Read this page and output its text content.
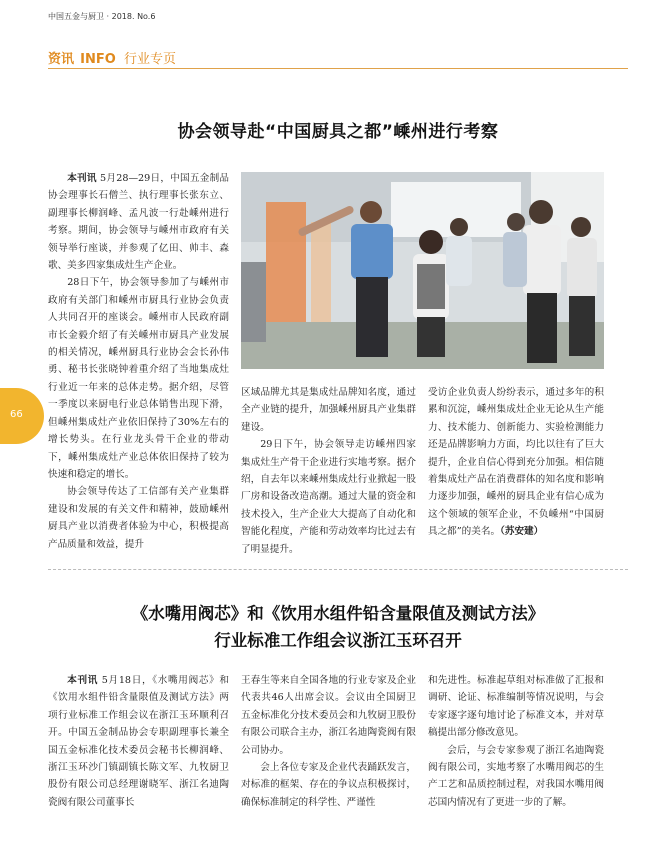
中国五金与厨卫 · 2018. No.6
资讯 INFO 行业专页
协会领导赴“中国厨具之都”嵊州进行考察

本刊讯 5月28—29日，中国五金制品协会理事长石僧兰、执行理事长张东立、副理事长柳润峰、孟凡波一行赴嵊州进行考察。期间，协会领导与嵊州市政府有关领导举行座谈，并参观了亿田、帅丰、森歌、美多四家集成灶生产企业。

28日下午，协会领导参加了与嵊州市政府有关部门和嵊州市厨具行业协会负责人共同召开的座谈会。嵊州市人民政府副市长金毅介绍了有关嵊州市厨具产业发展的相关情况，嵊州厨具行业协会会长孙伟勇、秘书长张晓钟着重介绍了当地集成灶行业近一年来的总体走势。据介绍，尽管一季度以来厨电行业总体销售出现下滑，但嵊州集成灶产业依旧保持了30%左右的增长势头。在行业龙头骨干企业的带动下，嵊州集成灶产业总体依旧保持了较为快速和稳定的增长。

协会领导传达了工信部有关产业集群建设和发展的有关文件和精神，鼓励嵊州厨具产业以消费者体验为中心，积极提高产品质量和效益，提升

区域品牌尤其是集成灶品牌知名度，通过全产业链的提升，加强嵊州厨具产业集群建设。

29日下午，协会领导走访嵊州四家集成灶生产骨干企业进行实地考察。据介绍，自去年以来嵊州集成灶行业掀起一股厂房和设备改造高潮。通过大量的资金和技术投入，生产企业大大提高了自动化和智能化程度，产能和劳动效率均比过去有了明显提升。

受访企业负责人纷纷表示，通过多年的积累和沉淀，嵊州集成灶企业无论从生产能力、技术能力、创新能力、实验检测能力还是品牌影响力方面，均比以往有了巨大提升，企业自信心得到充分加强。相信随着集成灶产品在消费群体的知名度和影响力逐步加强，嵊州的厨具企业有信心成为这个领域的领军企业，不负嵊州“中国厨具之都”的美名。（苏安建）

66
《水嘴用阀芯》和《饮用水组件铅含量限值及测试方法》
行业标准工作组会议浙江玉环召开

本刊讯 5月18日，《水嘴用阀芯》和《饮用水组件铅含量限值及测试方法》两项行业标准工作组会议在浙江玉环顺利召开。中国五金制品协会专职副理事长兼全国五金标准化技术委员会秘书长柳润峰、浙江玉环沙门镇副镇长陈文军、九牧厨卫股份有限公司总经理谢晓军、浙江名迪陶瓷阀有限公司董事长

王春生等来自全国各地的行业专家及企业代表共46人出席会议。会议由全国厨卫五金标准化分技术委员会和九牧厨卫股份有限公司联合主办，浙江名迪陶瓷阀有限公司协办。

会上各位专家及企业代表踊跃发言，对标准的框架、存在的争议点积极探讨，确保标准制定的科学性、严谨性

和先进性。标准起草组对标准做了汇报和调研、论证、标准编制等情况说明，与会专家逐字逐句地讨论了标准文本，并对草稿提出部分修改意见。

会后，与会专家参观了浙江名迪陶瓷阀有限公司，实地考察了水嘴用阀芯的生产工艺和品质控制过程，对我国水嘴用阀芯国内情况有了更进一步的了解。
